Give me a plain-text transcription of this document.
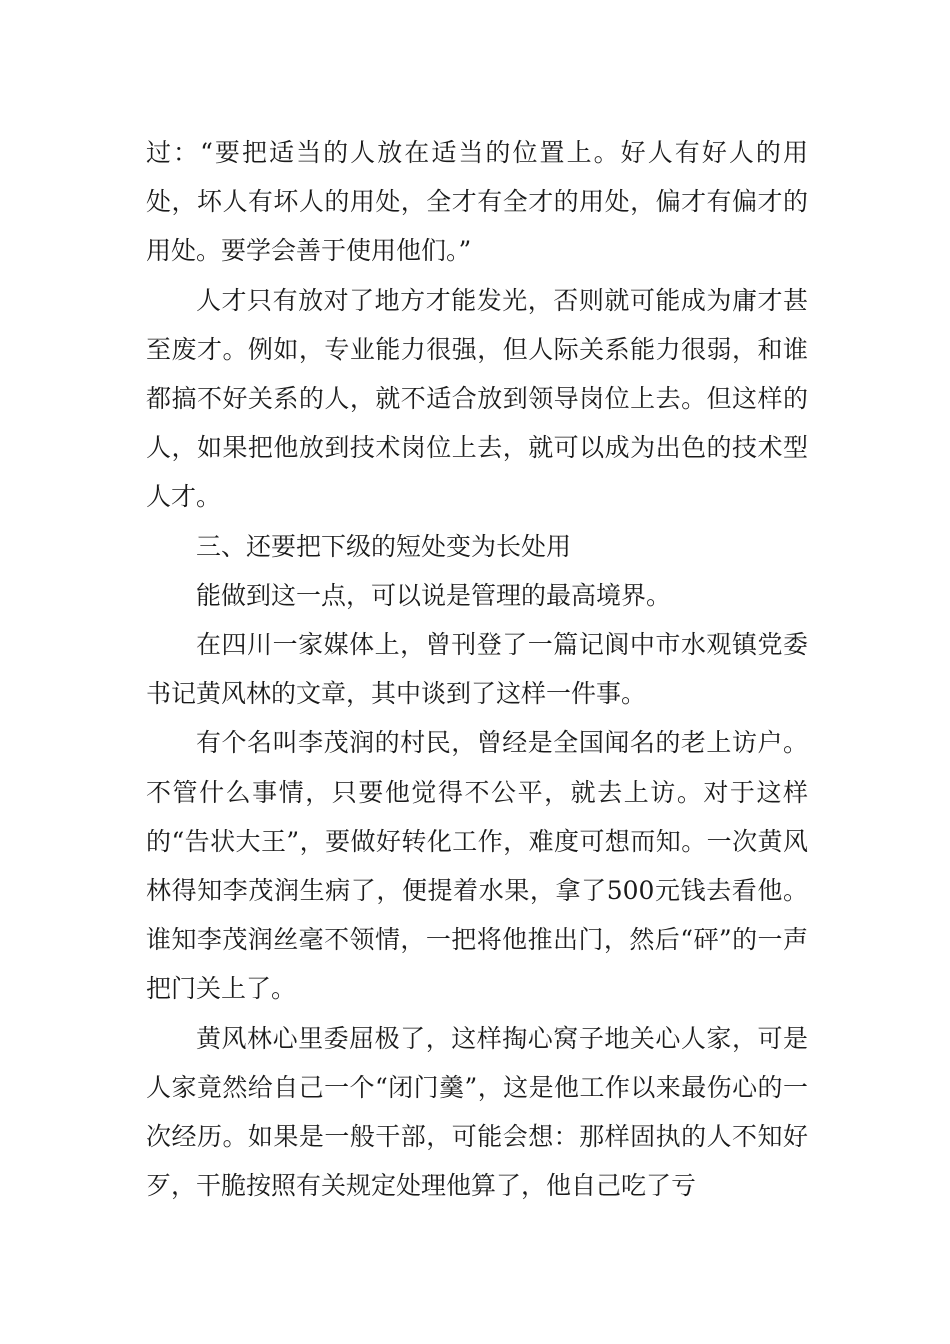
过：“要把适当的人放在适当的位置上。好人有好人的用处，坏人有坏人的用处，全才有全才的用处，偏才有偏才的用处。要学会善于使用他们。”

人才只有放对了地方才能发光，否则就可能成为庸才甚至废才。例如，专业能力很强，但人际关系能力很弱，和谁都搞不好关系的人，就不适合放到领导岗位上去。但这样的人，如果把他放到技术岗位上去，就可以成为出色的技术型人才。

三、还要把下级的短处变为长处用

能做到这一点，可以说是管理的最高境界。

在四川一家媒体上，曾刊登了一篇记阆中市水观镇党委书记黄风林的文章，其中谈到了这样一件事。

有个名叫李茂润的村民，曾经是全国闻名的老上访户。不管什么事情，只要他觉得不公平，就去上访。对于这样的“告状大王”，要做好转化工作，难度可想而知。一次黄风林得知李茂润生病了，便提着水果，拿了500元钱去看他。谁知李茂润丝毫不领情，一把将他推出门，然后“砰”的一声把门关上了。

黄风林心里委屈极了，这样掏心窝子地关心人家，可是人家竟然给自己一个“闭门羹”，这是他工作以来最伤心的一次经历。如果是一般干部，可能会想：那样固执的人不知好歹，干脆按照有关规定处理他算了，他自己吃了亏
